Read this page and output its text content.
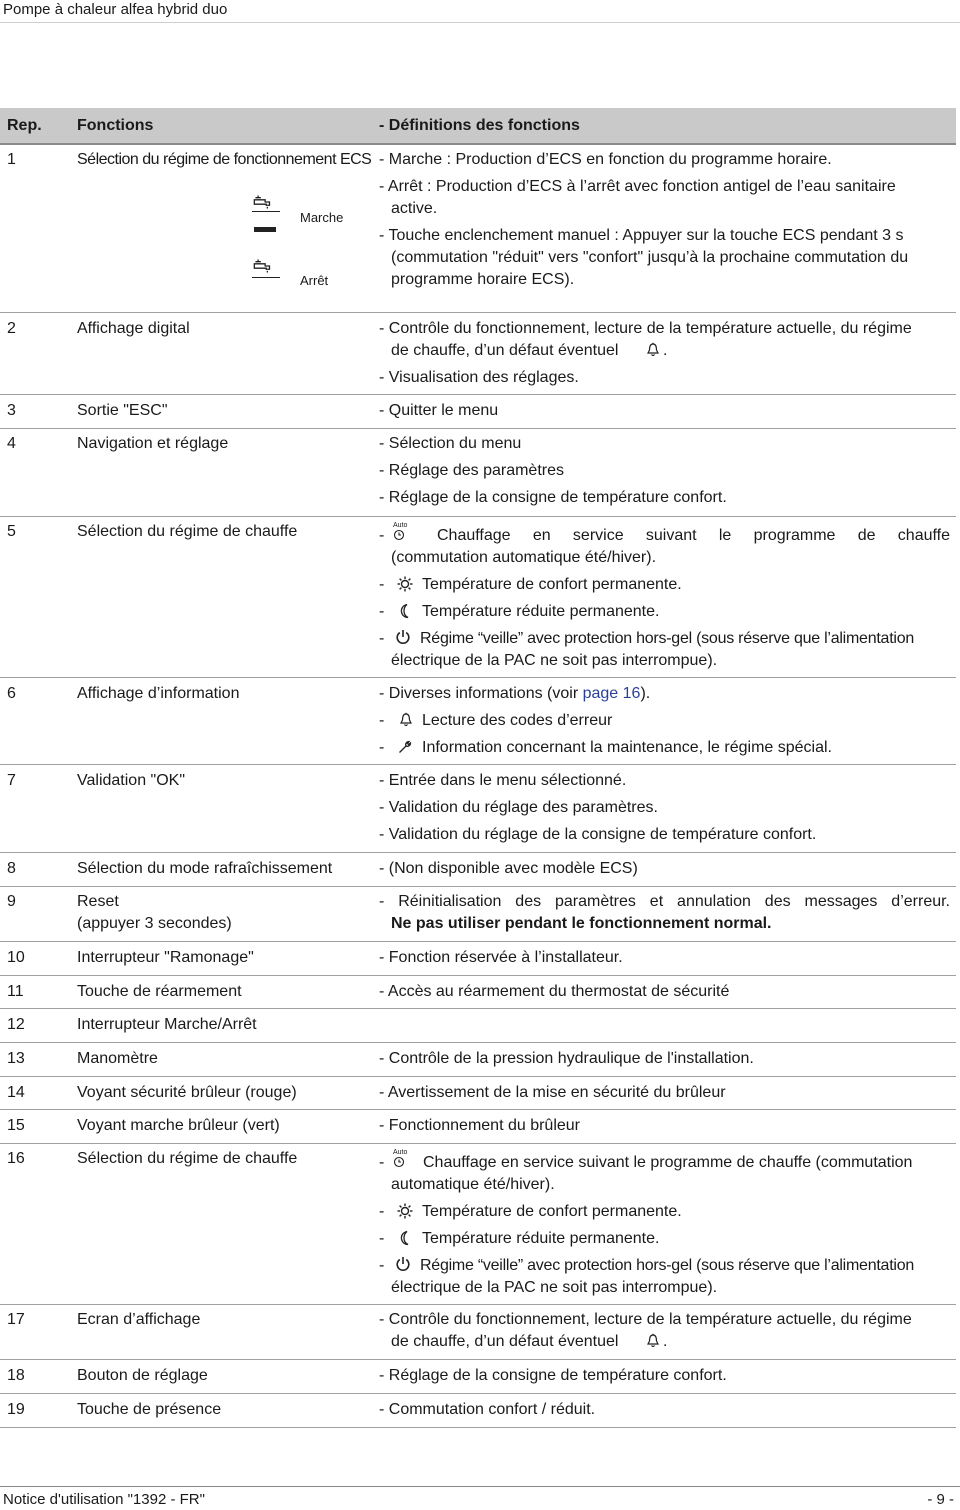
Pompe à chaleur alfea hybrid duo
Rep. Fonctions	- Définitions des fonctions
1	Sélection du régime de fonctionnement ECS
Marche
Arrêt
- Marche : Production d’ECS en fonction du programme horaire.
- Arrêt : Production d’ECS à l’arrêt avec fonction antigel de l’eau sanitaire
active.
- Touche enclenchement manuel : Appuyer sur la touche ECS pendant 3 s
(commutation "réduit" vers "confort" jusqu’à la prochaine commutation du
programme horaire ECS).
2	Affichage digital	- Contrôle du fonctionnement, lecture de la température actuelle, du régime
de chauffe, d’un défaut éventuel	.
- Visualisation des réglages.
3	Sortie "ESC"	- Quitter le menu
4	Navigation et réglage	- Sélection du menu
- Réglage des paramètres
- Réglage de la consigne de température confort.
5	Sélection du régime de chauffe	-
Auto
Chauffage en service suivant le programme de chauffe
(commutation automatique été/hiver).
- Température de confort permanente.
- Température réduite permanente.
- Régime “veille” avec protection hors-gel (sous réserve que l’alimentation
électrique de la PAC ne soit pas interrompue).
6	Affichage d’information	- Diverses informations (voir page 16).
- Lecture des codes d’erreur
- Information concernant la maintenance, le régime spécial.
7	Validation "OK"	- Entrée dans le menu sélectionné.
- Validation du réglage des paramètres.
- Validation du réglage de la consigne de température confort.
8	Sélection du mode rafraîchissement	- (Non disponible avec modèle ECS)
9	Reset
(appuyer 3 secondes)
- Réinitialisation des paramètres et annulation des messages d’erreur.
Ne pas utiliser pendant le fonctionnement normal.
10	Interrupteur "Ramonage"	- Fonction réservée à l’installateur.
11	Touche de réarmement	- Accès au réarmement du thermostat de sécurité
12	Interrupteur Marche/Arrêt
13	Manomètre	- Contrôle de la pression hydraulique de l'installation.
14	Voyant sécurité brûleur (rouge)	- Avertissement de la mise en sécurité du brûleur
15	Voyant marche brûleur (vert)	- Fonctionnement du brûleur
16	Sélection du régime de chauffe	-
Auto
Chauffage en service suivant le programme de chauffe (commutation
automatique été/hiver).
- Température de confort permanente.
- Température réduite permanente.
- Régime “veille” avec protection hors-gel (sous réserve que l’alimentation
électrique de la PAC ne soit pas interrompue).
17	Ecran d’affichage	- Contrôle du fonctionnement, lecture de la température actuelle, du régime
de chauffe, d’un défaut éventuel	.
18	Bouton de réglage	- Réglage de la consigne de température confort.
19	Touche de présence	- Commutation confort / réduit.
Notice d'utilisation "1392 - FR"	- 9 -
